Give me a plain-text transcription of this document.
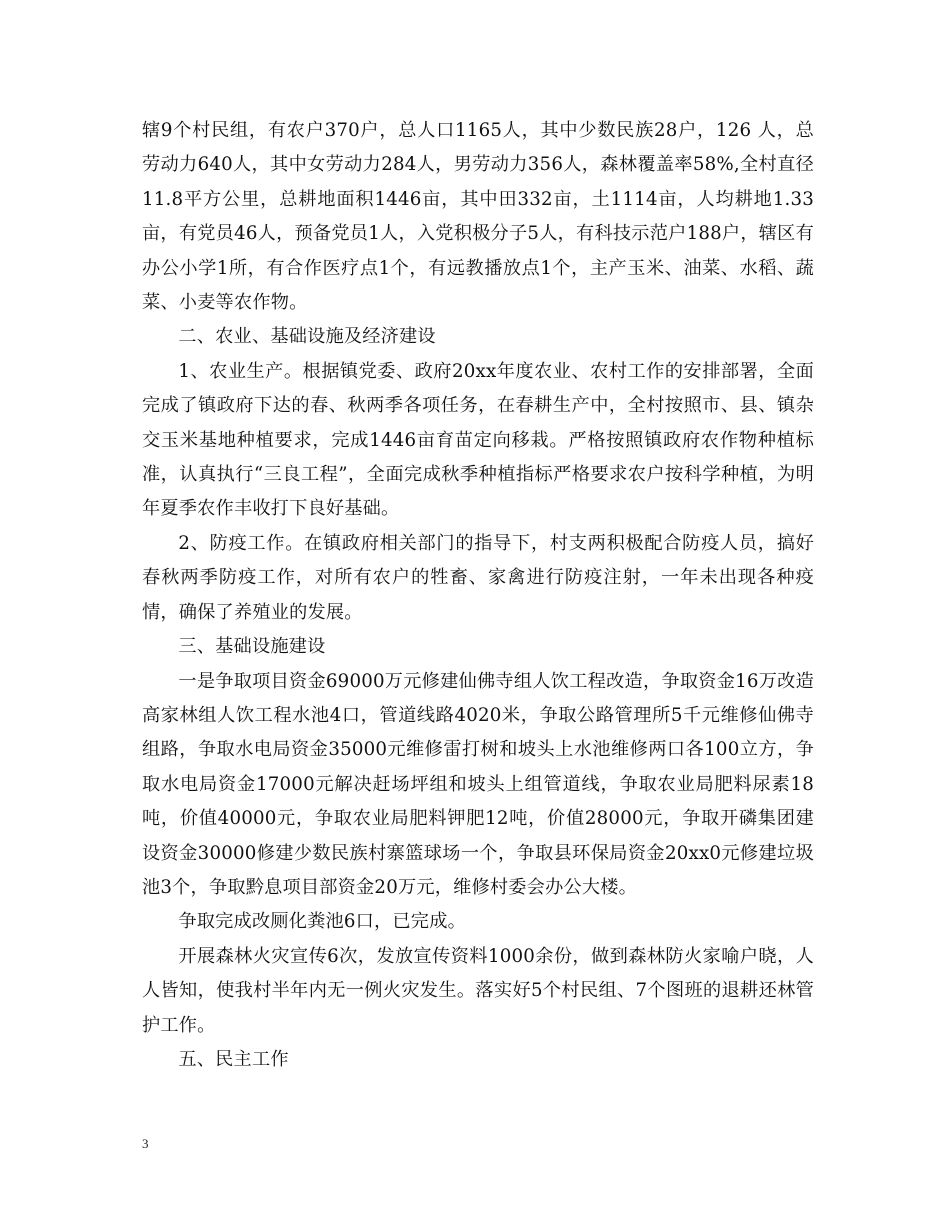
辖9个村民组，有农户370户，总人口1165人，其中少数民族28户，126 人，总劳动力640人，其中女劳动力284人，男劳动力356人，森林覆盖率58%,全村直径11.8平方公里，总耕地面积1446亩，其中田332亩，土1114亩，人均耕地1.33亩，有党员46人，预备党员1人，入党积极分子5人，有科技示范户188户，辖区有办公小学1所，有合作医疗点1个，有远教播放点1个，主产玉米、油菜、水稻、蔬菜、小麦等农作物。

二、农业、基础设施及经济建设

1、农业生产。根据镇党委、政府20xx年度农业、农村工作的安排部署，全面完成了镇政府下达的春、秋两季各项任务，在春耕生产中，全村按照市、县、镇杂交玉米基地种植要求，完成1446亩育苗定向移栽。严格按照镇政府农作物种植标准，认真执行“三良工程”，全面完成秋季种植指标严格要求农户按科学种植，为明年夏季农作丰收打下良好基础。

2、防疫工作。在镇政府相关部门的指导下，村支两积极配合防疫人员，搞好春秋两季防疫工作，对所有农户的牲畜、家禽进行防疫注射，一年未出现各种疫情，确保了养殖业的发展。

三、基础设施建设

一是争取项目资金69000万元修建仙佛寺组人饮工程改造，争取资金16万改造高家林组人饮工程水池4口，管道线路4020米，争取公路管理所5千元维修仙佛寺组路，争取水电局资金35000元维修雷打树和坡头上水池维修两口各100立方，争取水电局资金17000元解决赶场坪组和坡头上组管道线，争取农业局肥料尿素18吨，价值40000元，争取农业局肥料钾肥12吨，价值28000元，争取开磷集团建设资金30000修建少数民族村寨篮球场一个，争取县环保局资金20xx0元修建垃圾池3个，争取黔息项目部资金20万元，维修村委会办公大楼。

争取完成改厕化粪池6口，已完成。

开展森林火灾宣传6次，发放宣传资料1000余份，做到森林防火家喻户晓，人人皆知，使我村半年内无一例火灾发生。落实好5个村民组、7个图班的退耕还林管护工作。

五、民主工作

3
